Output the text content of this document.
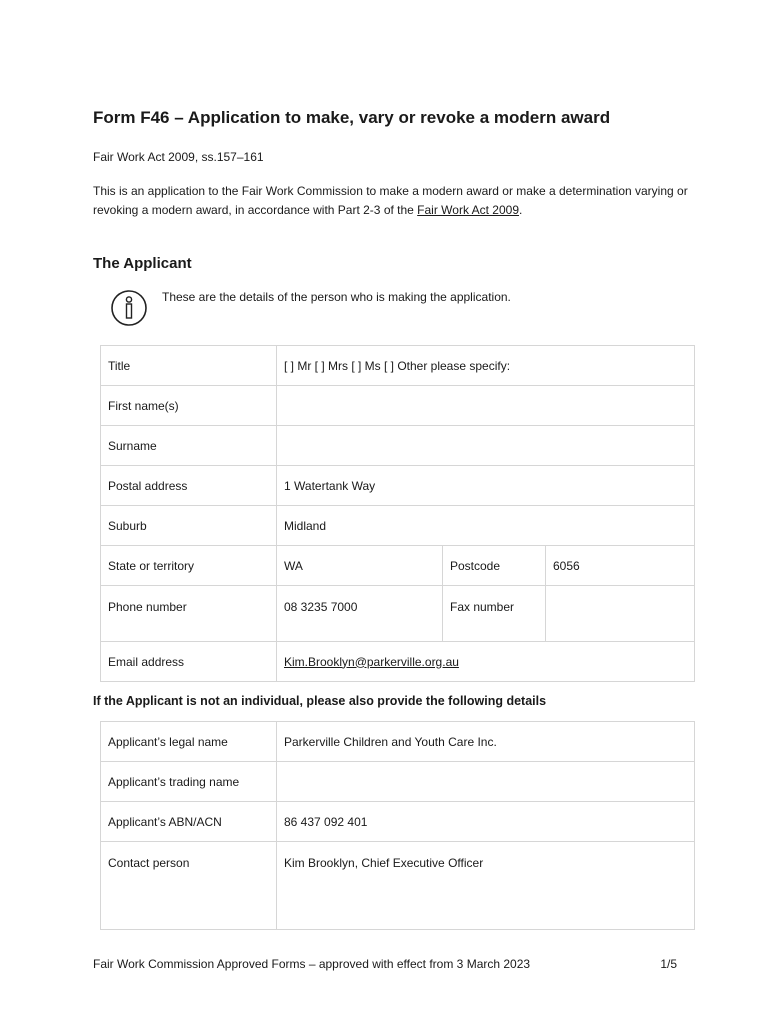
Form F46 – Application to make, vary or revoke a modern award
Fair Work Act 2009, ss.157–161
This is an application to the Fair Work Commission to make a modern award or make a determination varying or revoking a modern award, in accordance with Part 2-3 of the Fair Work Act 2009.
The Applicant
These are the details of the person who is making the application.
Title	[ ] Mr [ ] Mrs [ ] Ms [ ] Other please specify:		
First name(s)			
Surname			
Postal address	1 Watertank Way		
Suburb	Midland		
State or territory	WA	Postcode	6056
Phone number	08 3235 7000	Fax number	
Email address	Kim.Brooklyn@parkerville.org.au		
If the Applicant is not an individual, please also provide the following details
Applicant’s legal name	Parkerville Children and Youth Care Inc.
Applicant’s trading name	
Applicant’s ABN/ACN	86 437 092 401
Contact person	Kim Brooklyn, Chief Executive Officer
Fair Work Commission Approved Forms – approved with effect from 3 March 2023	1/5
